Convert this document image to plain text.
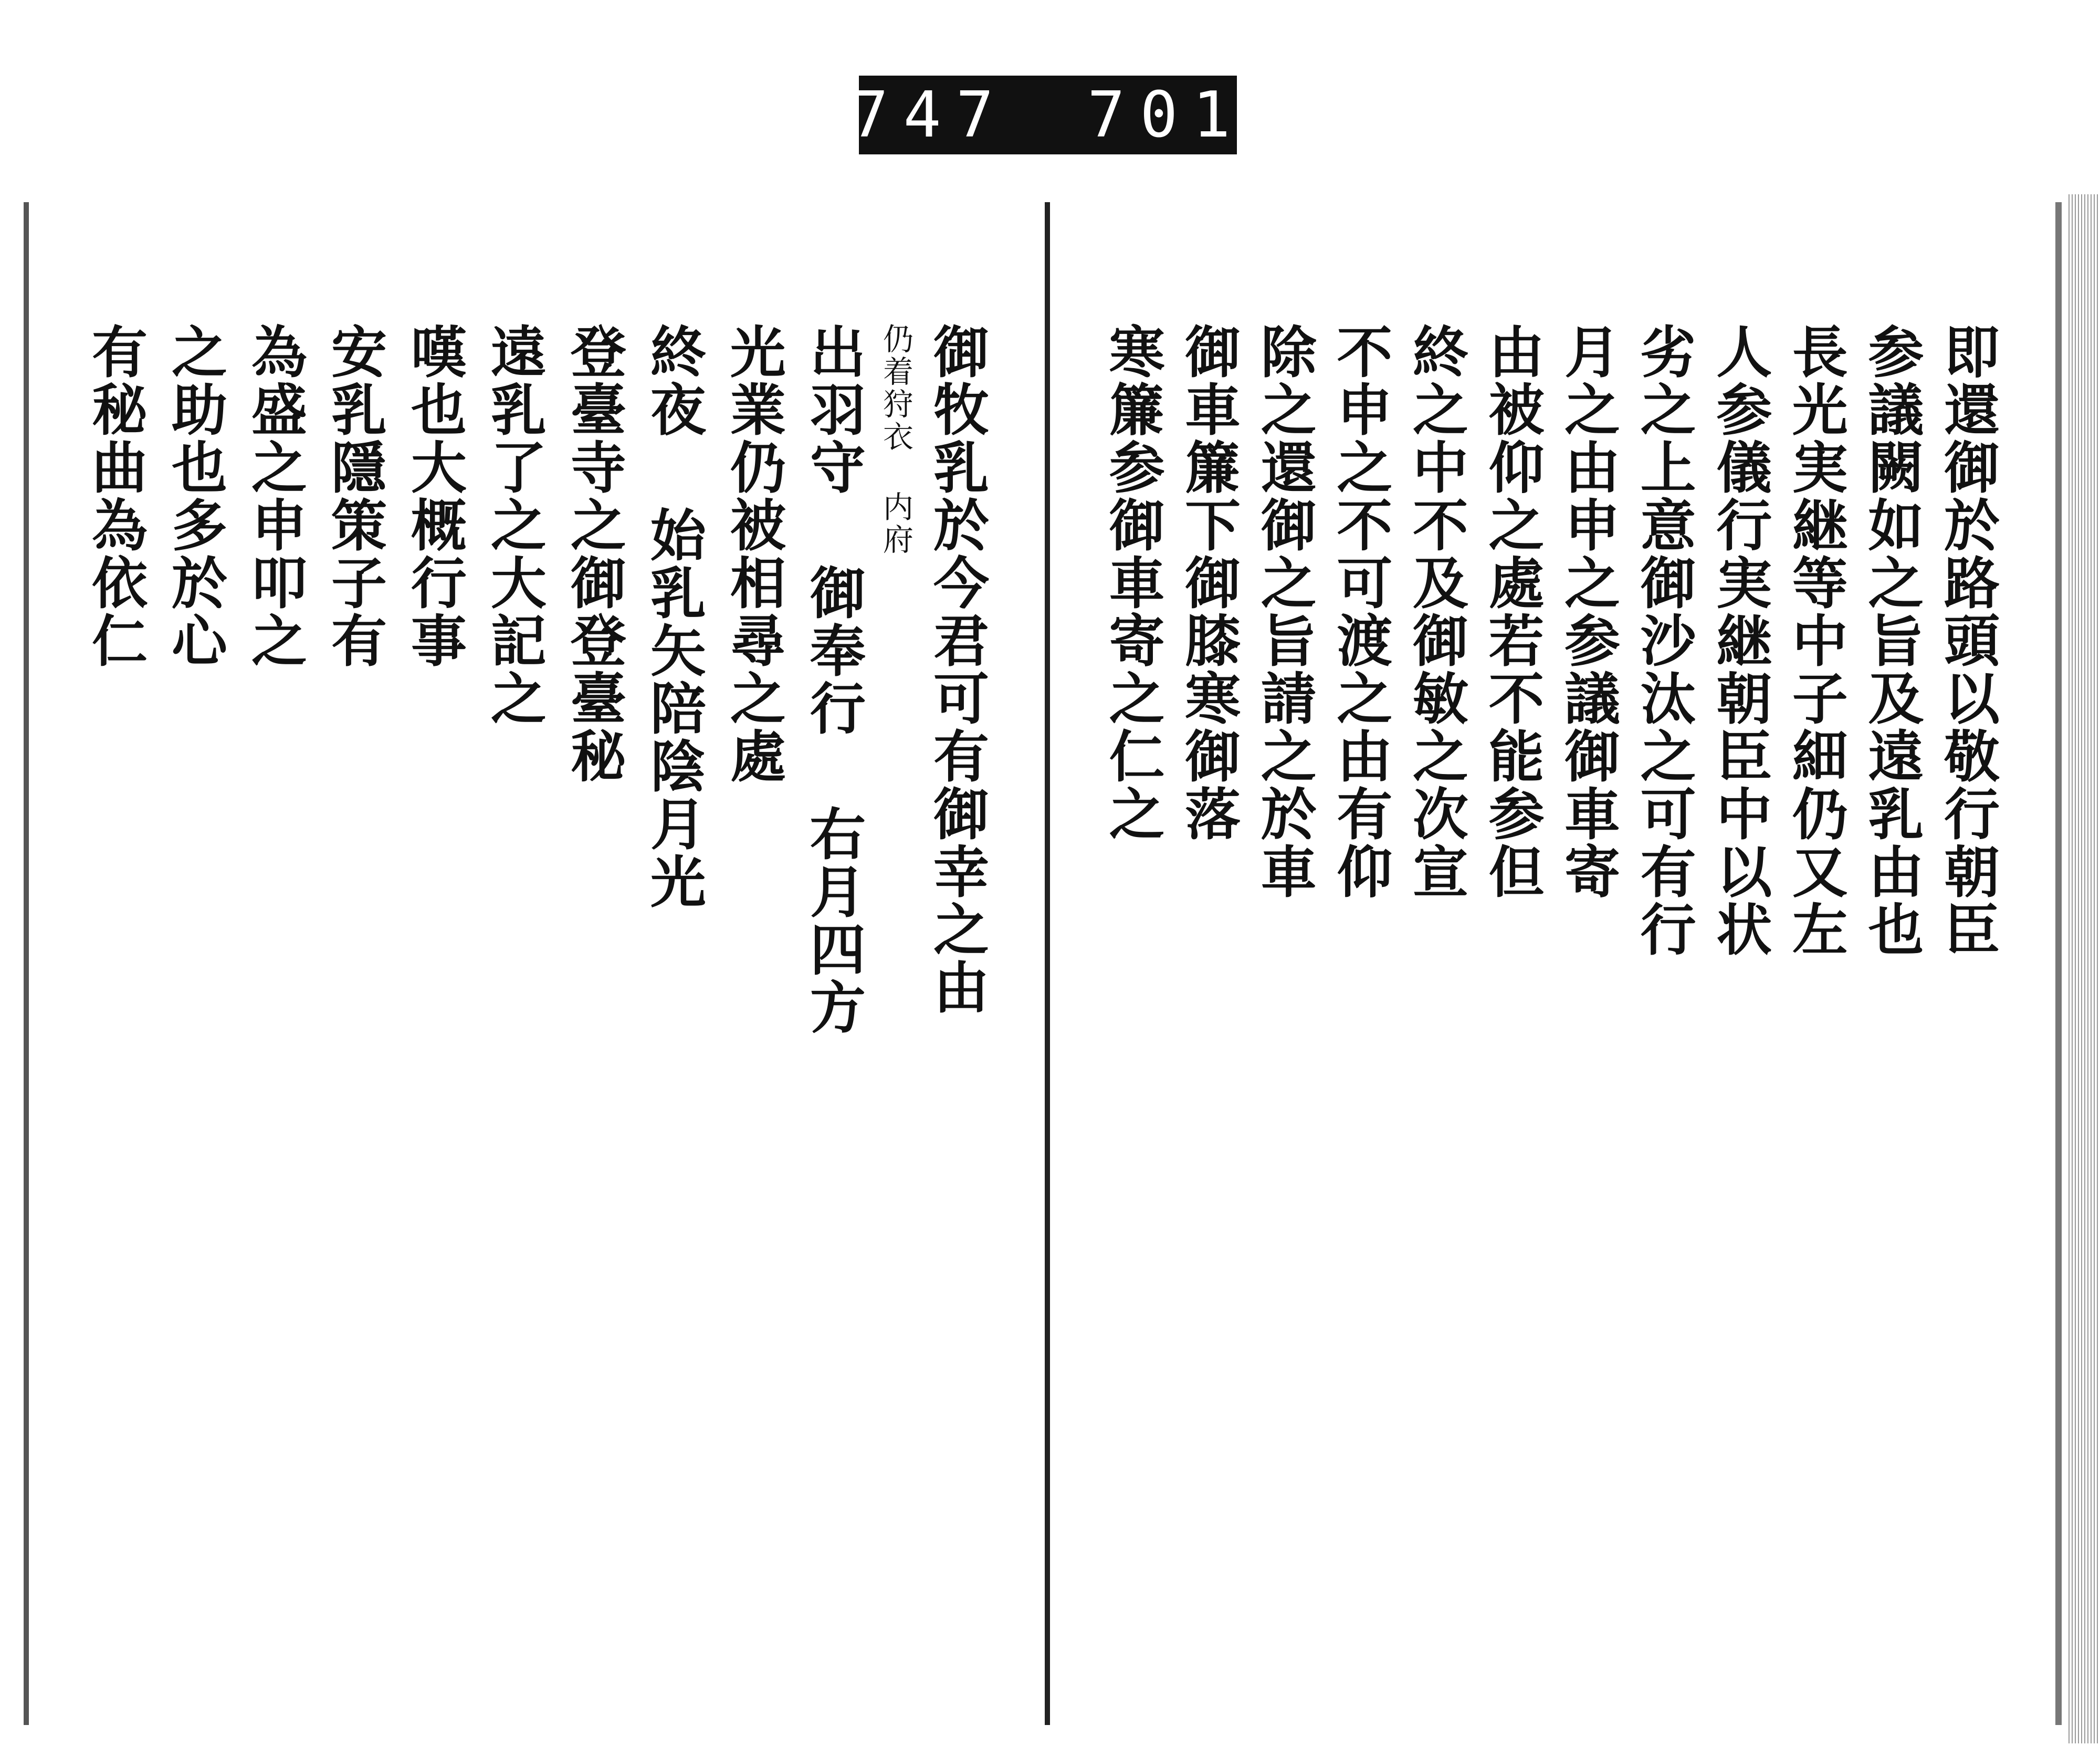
747 701
御牧乳於今君可有御幸之由
仍着狩衣 内府
出羽守 御奉行 右月四方
光業仍被相尋之處
終夜 始乳矢陪陰月光
登臺寺之御登臺秘
遠乳了之大記之
嘆也大概行事
安乳隱策子有
為盛之申叩之
之助也多於心
有秘曲為依仁	即還御於路頭以敬行朝臣
参議闕如之旨及遠乳由也
長光実継等中子細仍又左
人参儀行実継朝臣中以状
劣之上意御沙汰之可有行
月之由申之参議御車寄
由被仰之處若不能参但
終之中不及御敏之次宣
不申之不可渡之由有仰
除之還御之旨請之於車
御車簾下御膝寒御落
寒簾参御車寄之仁之
